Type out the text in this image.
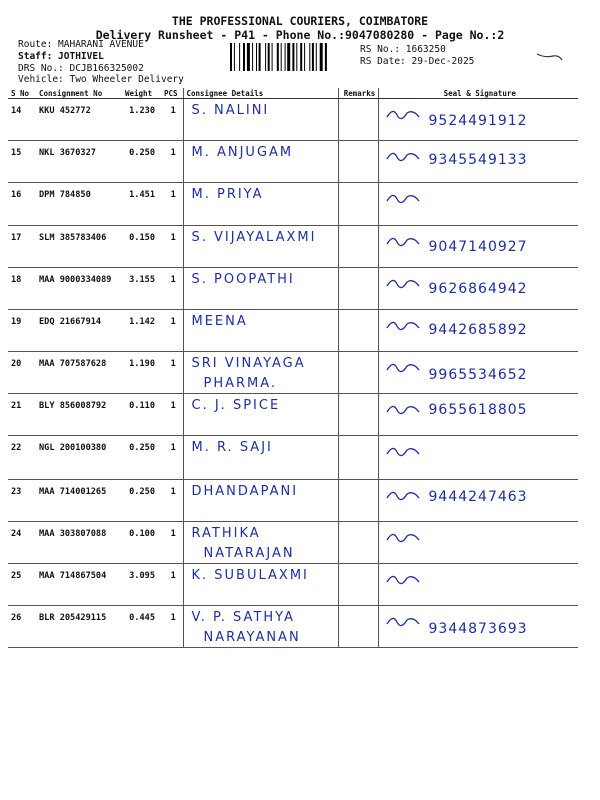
THE PROFESSIONAL COURIERS, COIMBATORE
Delivery Runsheet - P41 - Phone No.:9047080280 - Page No.:2
Route: MAHARANI AVENUE
Staff: JOTHIVEL
DRS No.: DCJB166325002
Vehicle: Two Wheeler Delivery
RS No.: 1663250
RS Date: 29-Dec-2025
S No	Consignment No	Weight	PCS	Consignee Details	Remarks	Seal & Signature
14	KKU 452772	1.230	1	S. NALINI		9524491912

15	NKL 3670327	0.250	1	M. ANJUGAM		9345549133

16	DPM 784850	1.451	1	M. PRIYA

17	SLM 385783406	0.150	1	S. VIJAYALAXMI		9047140927

18	MAA 9000334089	3.155	1	S. POOPATHI		9626864942

19	EDQ 21667914	1.142	1	MEENA		9442685892

20	MAA 707587628	1.190	1	SRI VINAYAGA
PHARMA.		9965534652

21	BLY 856008792	0.110	1	C. J. SPICE		9655618805

22	NGL 200100380	0.250	1	M. R. SAJI

23	MAA 714001265	0.250	1	DHANDAPANI		9444247463

24	MAA 303807088	0.100	1	RATHIKA
NATARAJAN

25	MAA 714867504	3.095	1	K. SUBULAXMI

26	BLR 205429115	0.445	1	V. P. SATHYA
NARAYANAN		9344873693
